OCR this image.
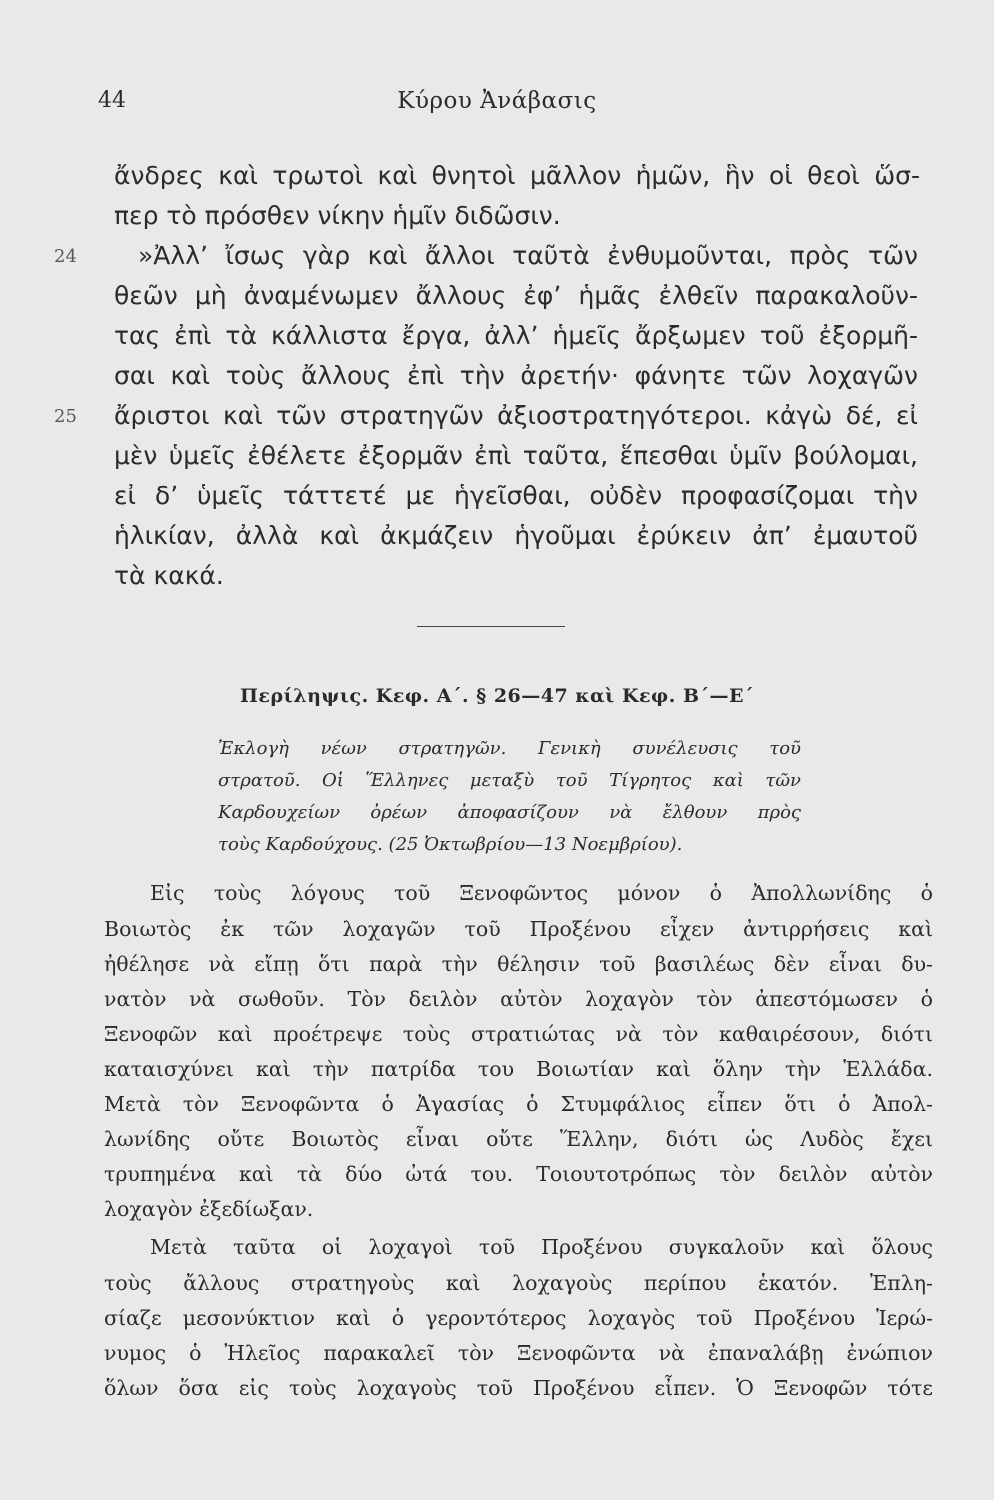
44	Κύρου Ἀνάβασις
ἄνδρες καὶ τρωτοὶ καὶ θνητοὶ μᾶλλον ἡμῶν, ἣν οἱ θεοὶ ὥσ-
περ τὸ πρόσθεν νίκην ἡμῖν διδῶσιν.
24 »Ἀλλʼ ἴσως γὰρ καὶ ἄλλοι ταῦτὰ ἐνθυμοῦνται, πρὸς τῶν
θεῶν μὴ ἀναμένωμεν ἄλλους ἐφʼ ἡμᾶς ἐλθεῖν παρακαλοῦν-
τας ἐπὶ τὰ κάλλιστα ἔργα, ἀλλʼ ἡμεῖς ἄρξωμεν τοῦ ἐξορμῆ-
σαι καὶ τοὺς ἄλλους ἐπὶ τὴν ἀρετήν· φάνητε τῶν λοχαγῶν
25 ἄριστοι καὶ τῶν στρατηγῶν ἀξιοστρατηγότεροι. κἀγὼ δέ, εἰ
μὲν ὑμεῖς ἐθέλετε ἐξορμᾶν ἐπὶ ταῦτα, ἕπεσθαι ὑμῖν βούλομαι,
εἰ δʼ ὑμεῖς τάττετέ με ἡγεῖσθαι, οὐδὲν προφασίζομαι τὴν
ἡλικίαν, ἀλλὰ καὶ ἀκμάζειν ἡγοῦμαι ἐρύκειν ἀπʼ ἐμαυτοῦ
τὰ κακά.
Περίληψις. Κεφ. Α΄. § 26—47 καὶ Κεφ. Β΄—Ε΄
Ἐκλογὴ νέων στρατηγῶν. Γενικὴ συνέλευσις τοῦ
στρατοῦ. Οἱ Ἕλληνες μεταξὺ τοῦ Τίγρητος καὶ τῶν
Καρδουχείων ὀρέων ἀποφασίζουν νὰ ἔλθουν πρὸς
τοὺς Καρδούχους. (25 Ὀκτωβρίου—13 Νοεμβρίου).
Εἰς τοὺς λόγους τοῦ Ξενοφῶντος μόνον ὁ Ἀπολλωνίδης ὁ
Βοιωτὸς ἐκ τῶν λοχαγῶν τοῦ Προξένου εἶχεν ἀντιρρήσεις καὶ
ἠθέλησε νὰ εἴπῃ ὅτι παρὰ τὴν θέλησιν τοῦ βασιλέως δὲν εἶναι δυ-
νατὸν νὰ σωθοῦν. Τὸν δειλὸν αὐτὸν λοχαγὸν τὸν ἀπεστόμωσεν ὁ
Ξενοφῶν καὶ προέτρεψε τοὺς στρατιώτας νὰ τὸν καθαιρέσουν, διότι
καταισχύνει καὶ τὴν πατρίδα του Βοιωτίαν καὶ ὅλην τὴν Ἑλλάδα.
Μετὰ τὸν Ξενοφῶντα ὁ Ἀγασίας ὁ Στυμφάλιος εἶπεν ὅτι ὁ Ἀπολ-
λωνίδης οὔτε Βοιωτὸς εἶναι οὔτε Ἕλλην, διότι ὡς Λυδὸς ἔχει
τρυπημένα καὶ τὰ δύο ὠτά του. Τοιουτοτρόπως τὸν δειλὸν αὐτὸν
λοχαγὸν ἐξεδίωξαν.
Μετὰ ταῦτα οἱ λοχαγοὶ τοῦ Προξένου συγκαλοῦν καὶ ὅλους
τοὺς ἄλλους στρατηγοὺς καὶ λοχαγοὺς περίπου ἑκατόν. Ἐπλη-
σίαζε μεσονύκτιον καὶ ὁ γεροντότερος λοχαγὸς τοῦ Προξένου Ἱερώ-
νυμος ὁ Ἠλεῖος παρακαλεῖ τὸν Ξενοφῶντα νὰ ἐπαναλάβῃ ἐνώπιον
ὅλων ὅσα εἰς τοὺς λοχαγοὺς τοῦ Προξένου εἶπεν. Ὁ Ξενοφῶν τότε
